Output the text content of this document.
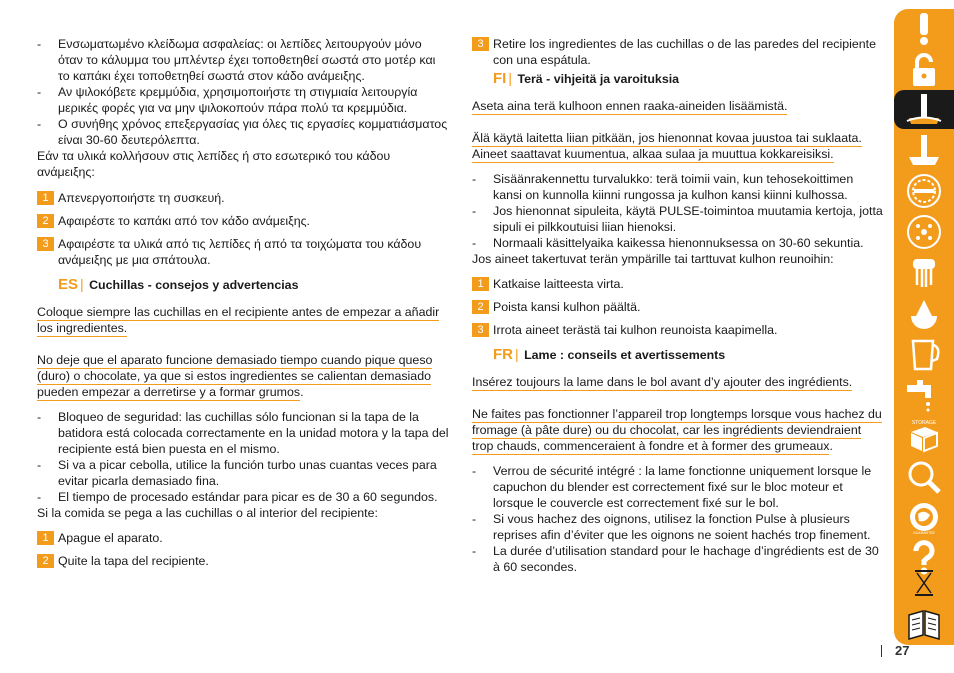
- Ενσωματωμένο κλείδωμα ασφαλείας: οι λεπίδες λειτουργούν μόνο όταν το κάλυμμα του μπλέντερ έχει τοποθετηθεί σωστά στο μοτέρ και το καπάκι έχει τοποθετηθεί σωστά στον κάδο ανάμειξης.

- Αν ψιλοκόβετε κρεμμύδια, χρησιμοποιήστε τη στιγμιαία λειτουργία μερικές φορές για να μην ψιλοκοπούν πάρα πολύ τα κρεμμύδια.

- Ο συνήθης χρόνος επεξεργασίας για όλες τις εργασίες κομματιάσματος είναι 30-60 δευτερόλεπτα.

Εάν τα υλικά κολλήσουν στις λεπίδες ή στο εσωτερικό του κάδου ανάμειξης:

1 Απενεργοποιήστε τη συσκευή.

2 Αφαιρέστε το καπάκι από τον κάδο ανάμειξης.

3 Αφαιρέστε τα υλικά από τις λεπίδες ή από τα τοιχώματα του κάδου ανάμειξης με μια σπάτουλα.

ES | Cuchillas - consejos y advertencias

Coloque siempre las cuchillas en el recipiente antes de empezar a añadir los ingredientes.

No deje que el aparato funcione demasiado tiempo cuando pique queso (duro) o chocolate, ya que si estos ingredientes se calientan demasiado pueden empezar a derretirse y a formar grumos.

- Bloqueo de seguridad: las cuchillas sólo funcionan si la tapa de la batidora está colocada correctamente en la unidad motora y la tapa del recipiente está bien puesta en el mismo.

- Si va a picar cebolla, utilice la función turbo unas cuantas veces para evitar picarla demasiado fina.

- El tiempo de procesado estándar para picar es de 30 a 60 segundos.

Si la comida se pega a las cuchillas o al interior del recipiente:

1 Apague el aparato.

2 Quite la tapa del recipiente.

3 Retire los ingredientes de las cuchillas o de las paredes del recipiente con una espátula.

FI | Terä - vihjeitä ja varoituksia

Aseta aina terä kulhoon ennen raaka-aineiden lisäämistä.

Älä käytä laitetta liian pitkään, jos hienonnat kovaa juustoa tai suklaata. Aineet saattavat kuumentua, alkaa sulaa ja muuttua kokkareisiksi.

- Sisäänrakennettu turvalukko: terä toimii vain, kun tehosekoittimen kansi on kunnolla kiinni rungossa ja kulhon kansi kiinni kulhossa.

- Jos hienonnat sipuleita, käytä PULSE-toimintoa muutamia kertoja, jotta sipuli ei pilkkoutuisi liian hienoksi.

- Normaali käsittelyaika kaikessa hienonnuksessa on 30-60 sekuntia.

Jos aineet takertuvat terän ympärille tai tarttuvat kulhon reunoihin:

1 Katkaise laitteesta virta.

2 Poista kansi kulhon päältä.

3 Irrota aineet terästä tai kulhon reunoista kaapimella.

FR | Lame : conseils et avertissements

Insérez toujours la lame dans le bol avant d’y ajouter des ingrédients.

Ne faites pas fonctionner l’appareil trop longtemps lorsque vous hachez du fromage (à pâte dure) ou du chocolat, car les ingrédients deviendraient trop chauds, commenceraient à fondre et à former des grumeaux.

- Verrou de sécurité intégré : la lame fonctionne uniquement lorsque le capuchon du blender est correctement fixé sur le bloc moteur et lorsque le couvercle est correctement fixé sur le bol.

- Si vous hachez des oignons, utilisez la fonction Pulse à plusieurs reprises afin d’éviter que les oignons ne soient hachés trop finement.

- La durée d’utilisation standard pour le hachage d’ingrédients est de 30 à 60 secondes.

STORAGE
GUARANTEE
27
